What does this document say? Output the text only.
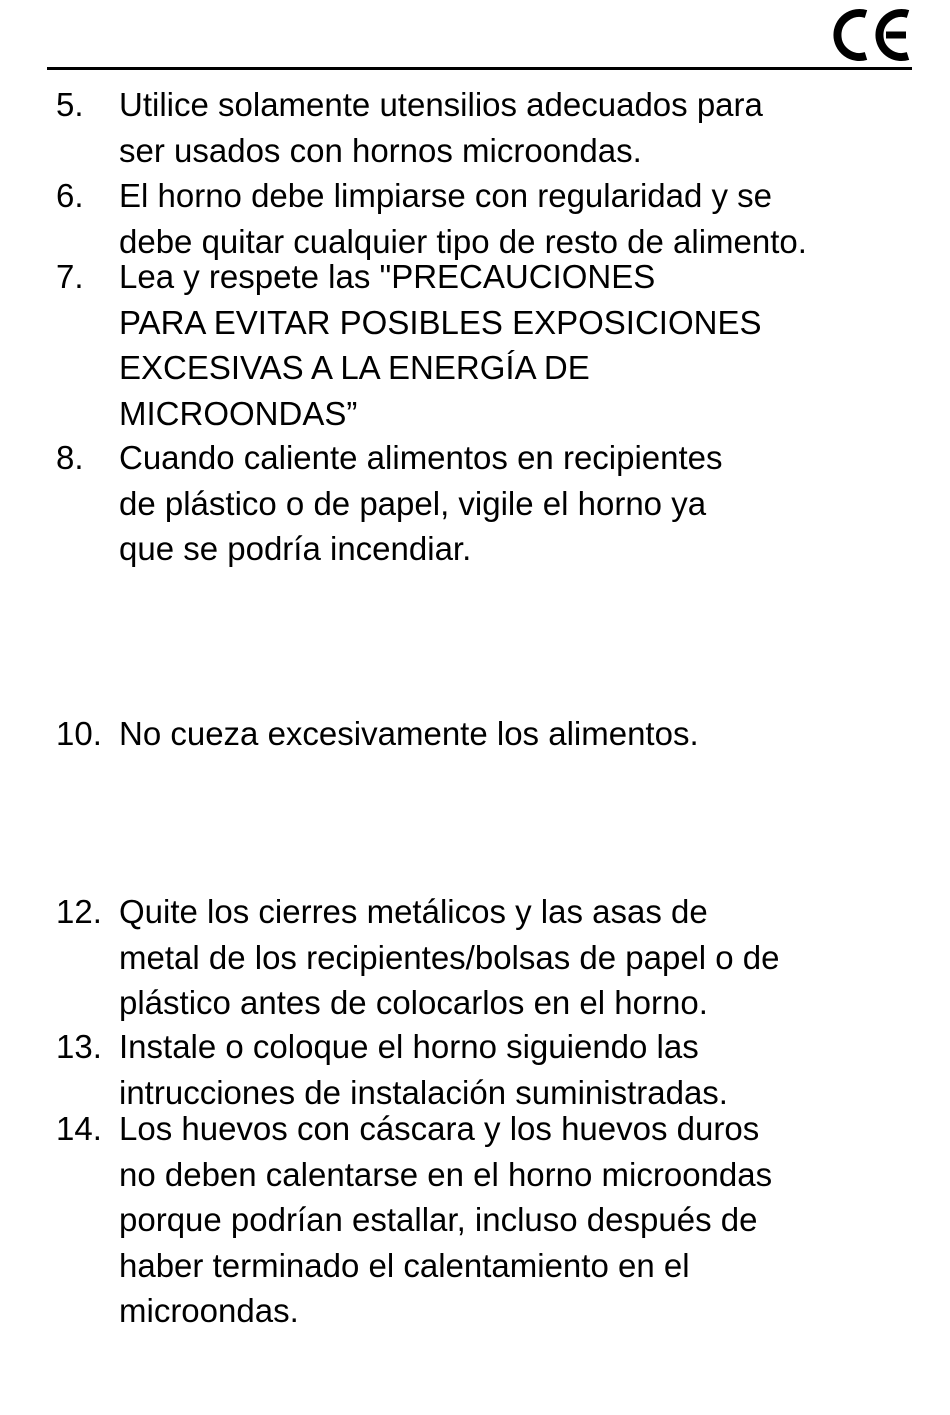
5. Utilice solamente utensilios adecuados para
ser usados con hornos microondas.
6. El horno debe limpiarse con regularidad y se
debe quitar cualquier tipo de resto de alimento.
7. Lea y respete las "PRECAUCIONES
PARA EVITAR POSIBLES EXPOSICIONES
EXCESIVAS A LA ENERGÍA DE
MICROONDAS”
8. Cuando caliente alimentos en recipientes
de plástico o de papel, vigile el horno ya
que se podría incendiar.
10. No cueza excesivamente los alimentos.
12. Quite los cierres metálicos y las asas de
metal de los recipientes/bolsas de papel o de
plástico antes de colocarlos en el horno.
13. Instale o coloque el horno siguiendo las
intrucciones de instalación suministradas.
14. Los huevos con cáscara y los huevos duros
no deben calentarse en el horno microondas
porque podrían estallar, incluso después de
haber terminado el calentamiento en el
microondas.
